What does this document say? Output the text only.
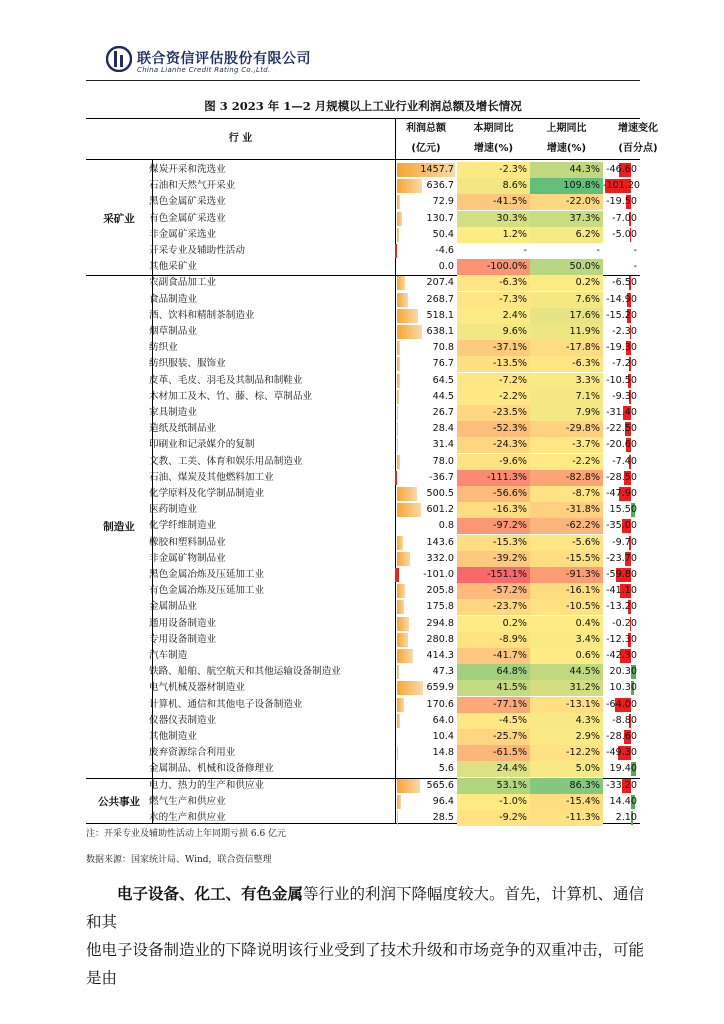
联合资信评估股份有限公司
China Lianhe Credit Rating Co.,Ltd.
图 3 2023 年 1—2 月规模以上工业行业利润总额及增长情况
行 业
利润总额
(亿元)
本期同比
增速(%)
上期同比
增速(%)
增速变化
(百分点)
煤炭开采和洗选业	1457.7	-2.3%	44.3% -46.60
石油和天然气开采业	636.7	8.6%	109.8% -101.20
黑色金属矿采选业	72.9	-41.5%	-22.0% -19.50
有色金属矿采选业	130.7	30.3%	37.3%	-7.00
非金属矿采选业	50.4	1.2%	6.2%	-5.00
开采专业及辅助性活动	-4.6	-	-	-
其他采矿业	0.0	-100.0%	50.0%	-
采矿业
农副食品加工业	207.4	-6.3%	0.2%	-6.50
食品制造业	268.7	-7.3%	7.6% -14.90
酒、饮料和精制茶制造业	518.1	2.4%	17.6% -15.20
烟草制品业	638.1	9.6%	11.9%	-2.30
纺织业	70.8	-37.1%	-17.8% -19.30
纺织服装、服饰业	76.7	-13.5%	-6.3%	-7.20
皮革、毛皮、羽毛及其制品和制鞋业	64.5	-7.2%	3.3% -10.50
木材加工及木、竹、藤、棕、草制品业	44.5	-2.2%	7.1%	-9.30
家具制造业	26.7	-23.5%	7.9% -31.40
造纸及纸制品业	28.4	-52.3%	-29.8% -22.50
印刷业和记录媒介的复制	31.4	-24.3%	-3.7% -20.60
文教、工美、体育和娱乐用品制造业	78.0	-9.6%	-2.2%	-7.40
石油、煤炭及其他燃料加工业	-36.7	-111.3%	-82.8% -28.50
化学原料及化学制品制造业	500.5	-56.6%	-8.7% -47.90
医药制造业	601.2	-16.3%	-31.8% 15.50
化学纤维制造业	0.8	-97.2%	-62.2% -35.00
橡胶和塑料制品业	143.6	-15.3%	-5.6%	-9.70
非金属矿物制品业	332.0	-39.2%	-15.5% -23.70
黑色金属冶炼及压延加工业	-101.0	-151.1%	-91.3% -59.80
有色金属冶炼及压延加工业	205.8	-57.2%	-16.1% -41.10
金属制品业	175.8	-23.7%	-10.5% -13.20
通用设备制造业	294.8	0.2%	0.4%	-0.20
专用设备制造业	280.8	-8.9%	3.4% -12.30
汽车制造	414.3	-41.7%	0.6% -42.30
铁路、船舶、航空航天和其他运输设备制造业	47.3	64.8%	44.5% 20.30
电气机械及器材制造业	659.9	41.5%	31.2% 10.30
计算机、通信和其他电子设备制造业	170.6	-77.1%	-13.1% -64.00
仪器仪表制造业	64.0	-4.5%	4.3%	-8.80
其他制造业	10.4	-25.7%	2.9% -28.60
废弃资源综合利用业	14.8	-61.5%	-12.2% -49.30
金属制品、机械和设备修理业	5.6	24.4%	5.0% 19.40
制造业
电力、热力的生产和供应业	565.6	53.1%	86.3% -33.20
燃气生产和供应业	96.4	-1.0%	-15.4% 14.40
水的生产和供应业	28.5	-9.2%	-11.3%	2.10
公共事业
注：开采专业及辅助性活动上年同期亏损 6.6 亿元
数据来源：国家统计局、Wind，联合资信整理
电子设备、化工、有色金属等行业的利润下降幅度较大。首先，计算机、通信和其
他电子设备制造业的下降说明该行业受到了技术升级和市场竞争的双重冲击，可能是由
